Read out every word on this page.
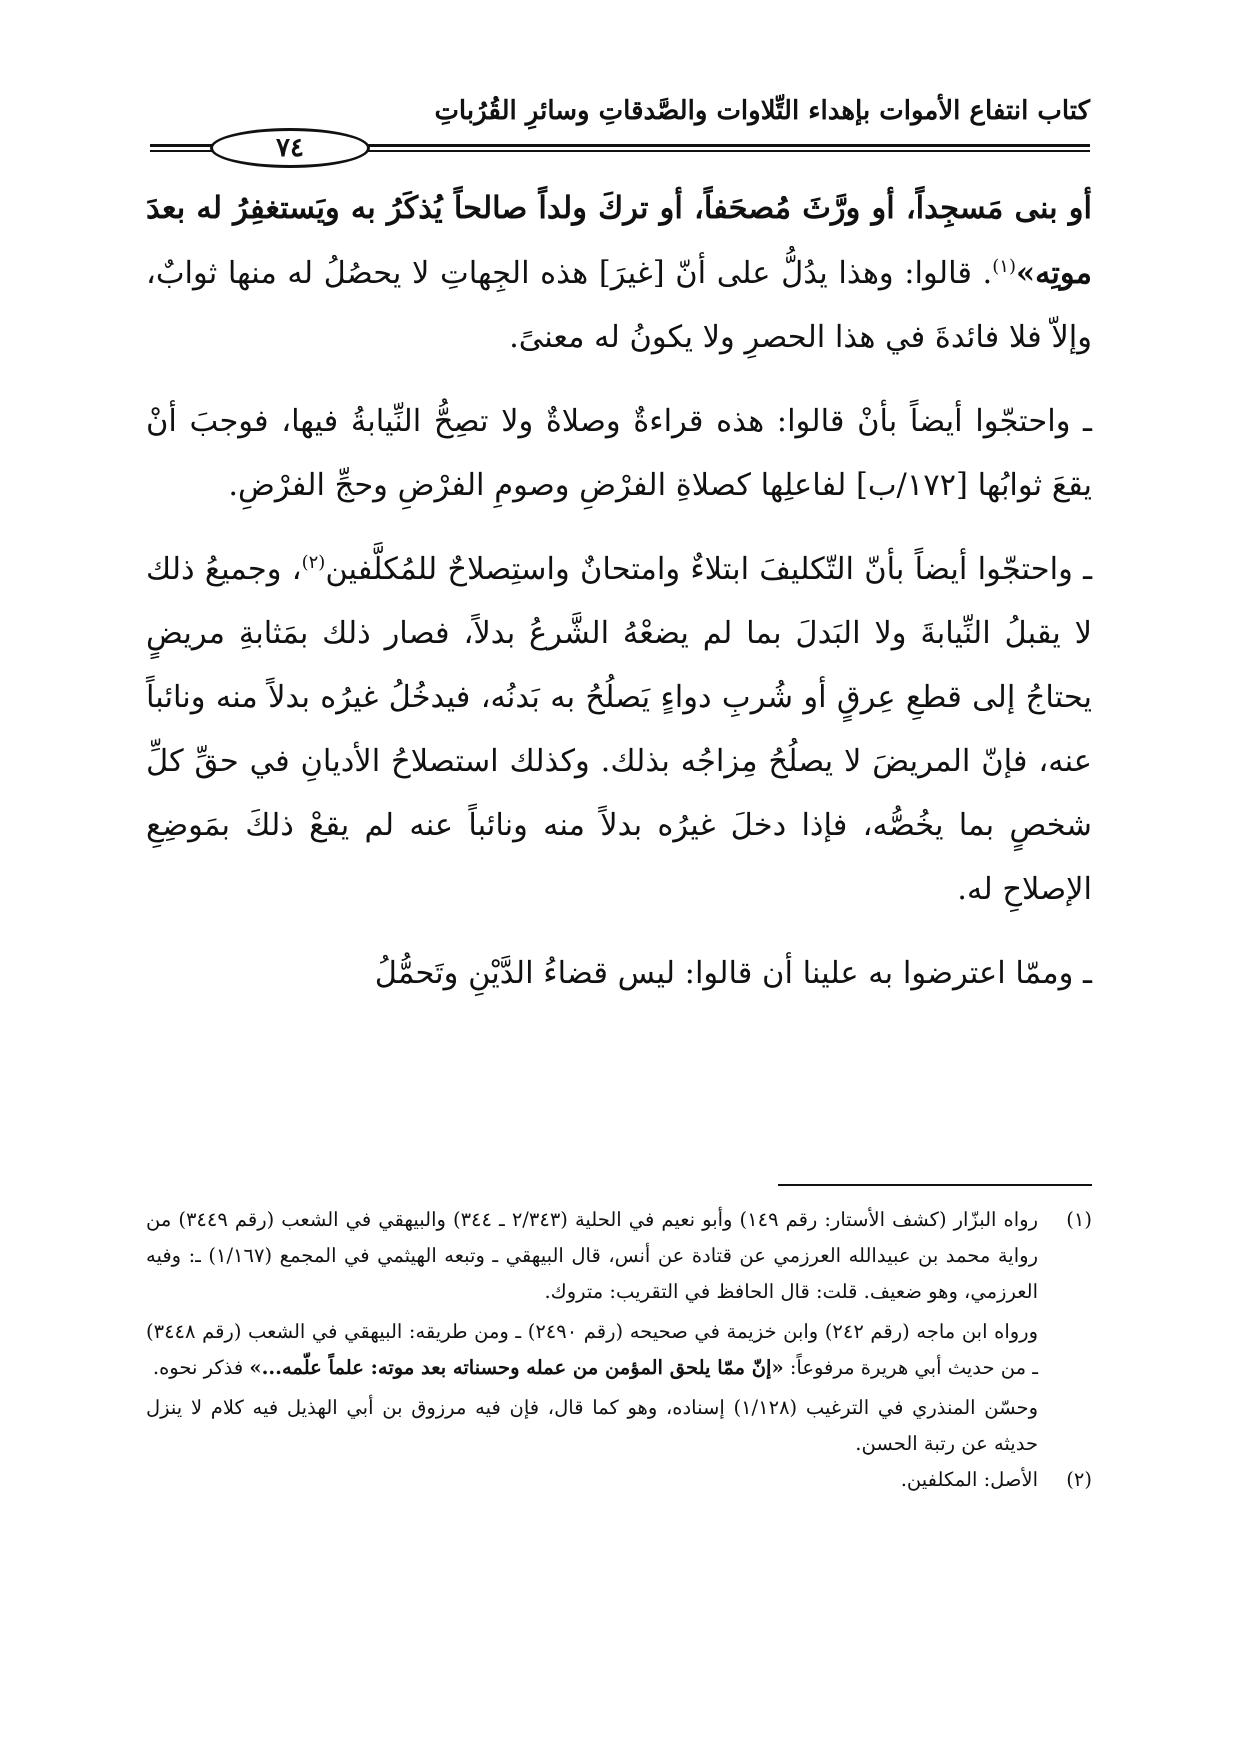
كتاب انتفاع الأموات بإهداء التِّلاوات والصَّدقاتِ وسائرِ القُرُباتِ
٧٤

أو بنى مَسجِداً، أو ورَّثَ مُصحَفاً، أو تركَ ولداً صالحاً يُذكَرُ به ويَستغفِرُ له بعدَ موتِه»$^{(١)}$. قالوا: وهذا يدُلُّ على أنّ [غيرَ] هذه الجِهاتِ لا يحصُلُ له منها ثوابٌ، وإلاّ فلا فائدةَ في هذا الحصرِ ولا يكونُ له معنىً.

ـ واحتجّوا أيضاً بأنْ قالوا: هذه قراءةٌ وصلاةٌ ولا تصِحُّ النِّيابةُ فيها، فوجبَ أنْ يقعَ ثوابُها [١٧٢/ب] لفاعلِها كصلاةِ الفرْضِ وصومِ الفرْضِ وحجِّ الفرْضِ.

ـ واحتجّوا أيضاً بأنّ التّكليفَ ابتلاءٌ وامتحانٌ واستِصلاحٌ للمُكلَّفين$^{(٢)}$، وجميعُ ذلك لا يقبلُ النِّيابةَ ولا البَدلَ بما لم يضعْهُ الشَّرعُ بدلاً، فصار ذلك بمَثابةِ مريضٍ يحتاجُ إلى قطعِ عِرقٍ أو شُربِ دواءٍ يَصلُحُ به بَدنُه، فيدخُلُ غيرُه بدلاً منه ونائباً عنه، فإنّ المريضَ لا يصلُحُ مِزاجُه بذلك. وكذلك استصلاحُ الأديانِ في حقِّ كلِّ شخصٍ بما يخُصُّه، فإذا دخلَ غيرُه بدلاً منه ونائباً عنه لم يقعْ ذلكَ بمَوضِعِ الإصلاحِ له.

ـ وممّا اعترضوا به علينا أن قالوا: ليس قضاءُ الدَّيْنِ وتَحمُّلُ

(١)
رواه البزّار (كشف الأستار: رقم ١٤٩) وأبو نعيم في الحلية (٢/٣٤٣ ـ ٣٤٤) والبيهقي في الشعب (رقم ٣٤٤٩) من رواية محمد بن عبيدالله العرزمي عن قتادة عن أنس، قال البيهقي ـ وتبعه الهيثمي في المجمع (١/١٦٧) ـ: وفيه العرزمي، وهو ضعيف. قلت: قال الحافظ في التقريب: متروك.
ورواه ابن ماجه (رقم ٢٤٢) وابن خزيمة في صحيحه (رقم ٢٤٩٠) ـ ومن طريقه: البيهقي في الشعب (رقم ٣٤٤٨) ـ من حديث أبي هريرة مرفوعاً: «إنّ ممّا يلحق المؤمن من عمله وحسناته بعد موته: علماً علّمه...» فذكر نحوه.
وحسّن المنذري في الترغيب (١/١٢٨) إسناده، وهو كما قال، فإن فيه مرزوق بن أبي الهذيل فيه كلام لا ينزل حديثه عن رتبة الحسن.
(٢)
الأصل: المكلفين.
